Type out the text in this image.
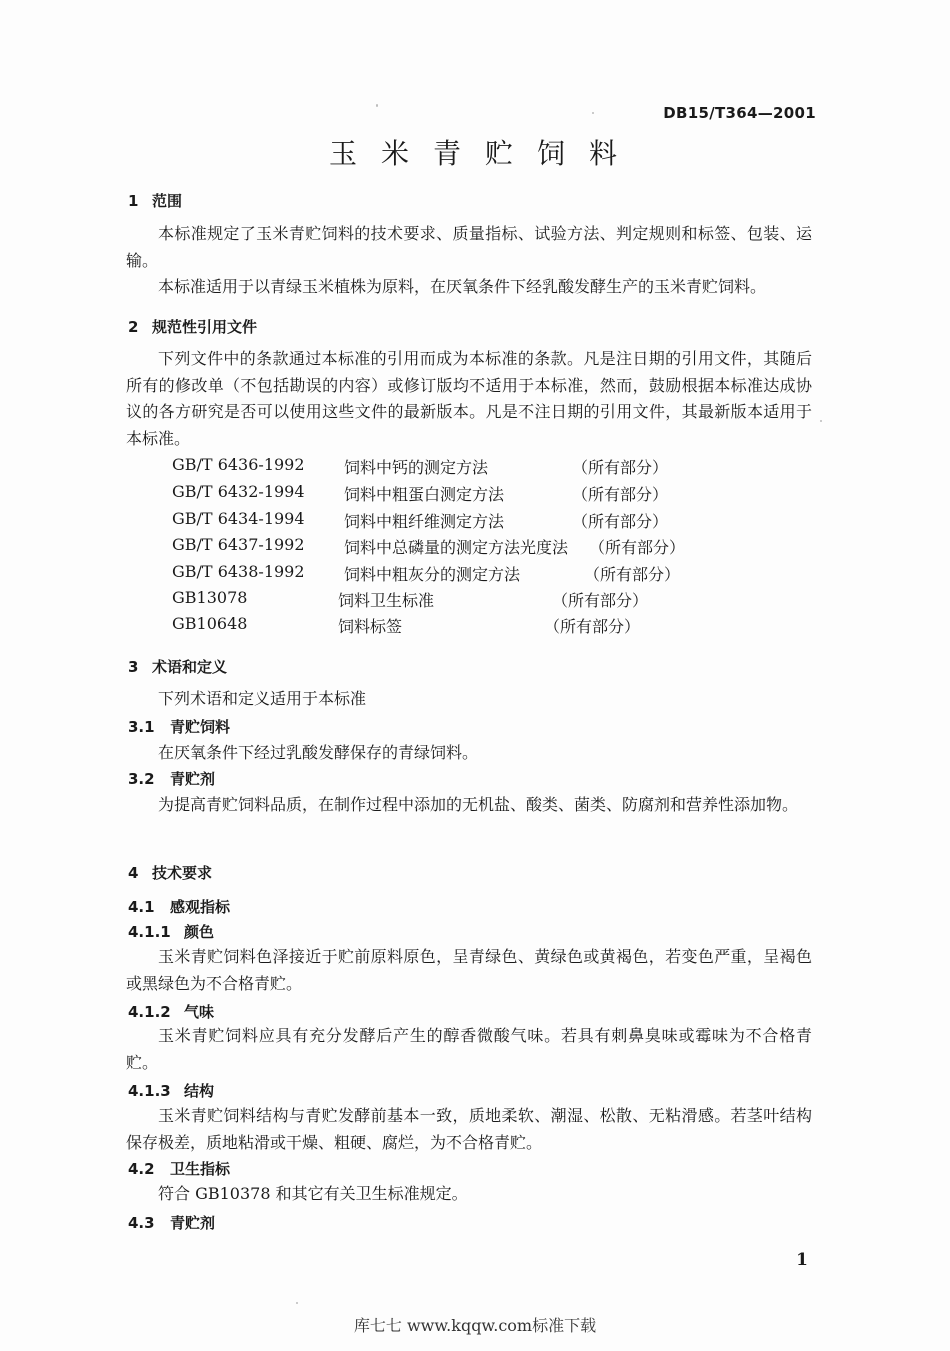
DB15/T364—2001
玉米青贮饲料
1 范围
本标准规定了玉米青贮饲料的技术要求、质量指标、试验方法、判定规则和标签、包装、运输。
本标准适用于以青绿玉米植株为原料，在厌氧条件下经乳酸发酵生产的玉米青贮饲料。
2 规范性引用文件
下列文件中的条款通过本标准的引用而成为本标准的条款。凡是注日期的引用文件，其随后所有的修改单（不包括勘误的内容）或修订版均不适用于本标准，然而，鼓励根据本标准达成协议的各方研究是否可以使用这些文件的最新版本。凡是不注日期的引用文件，其最新版本适用于本标准。
GB/T 6436-1992 饲料中钙的测定方法	（所有部分）
GB/T 6432-1994 饲料中粗蛋白测定方法	（所有部分）
GB/T 6434-1994 饲料中粗纤维测定方法	（所有部分）
GB/T 6437-1992 饲料中总磷量的测定方法光度法 （所有部分）
GB/T 6438-1992 饲料中粗灰分的测定方法	（所有部分）
GB13078	饲料卫生标准	（所有部分）
GB10648	饲料标签	（所有部分）
3 术语和定义
下列术语和定义适用于本标准
3.1 青贮饲料
在厌氧条件下经过乳酸发酵保存的青绿饲料。
3.2 青贮剂
为提高青贮饲料品质，在制作过程中添加的无机盐、酸类、菌类、防腐剂和营养性添加物。
4 技术要求
4.1 感观指标
4.1.1 颜色
玉米青贮饲料色泽接近于贮前原料原色，呈青绿色、黄绿色或黄褐色，若变色严重，呈褐色或黑绿色为不合格青贮。
4.1.2 气味
玉米青贮饲料应具有充分发酵后产生的醇香微酸气味。若具有刺鼻臭味或霉味为不合格青贮。
4.1.3 结构
玉米青贮饲料结构与青贮发酵前基本一致，质地柔软、潮湿、松散、无粘滑感。若茎叶结构保存极差，质地粘滑或干燥、粗硬、腐烂，为不合格青贮。
4.2 卫生指标
符合 GB10378 和其它有关卫生标准规定。
4.3 青贮剂
1
库七七 www.kqqw.com标准下载
